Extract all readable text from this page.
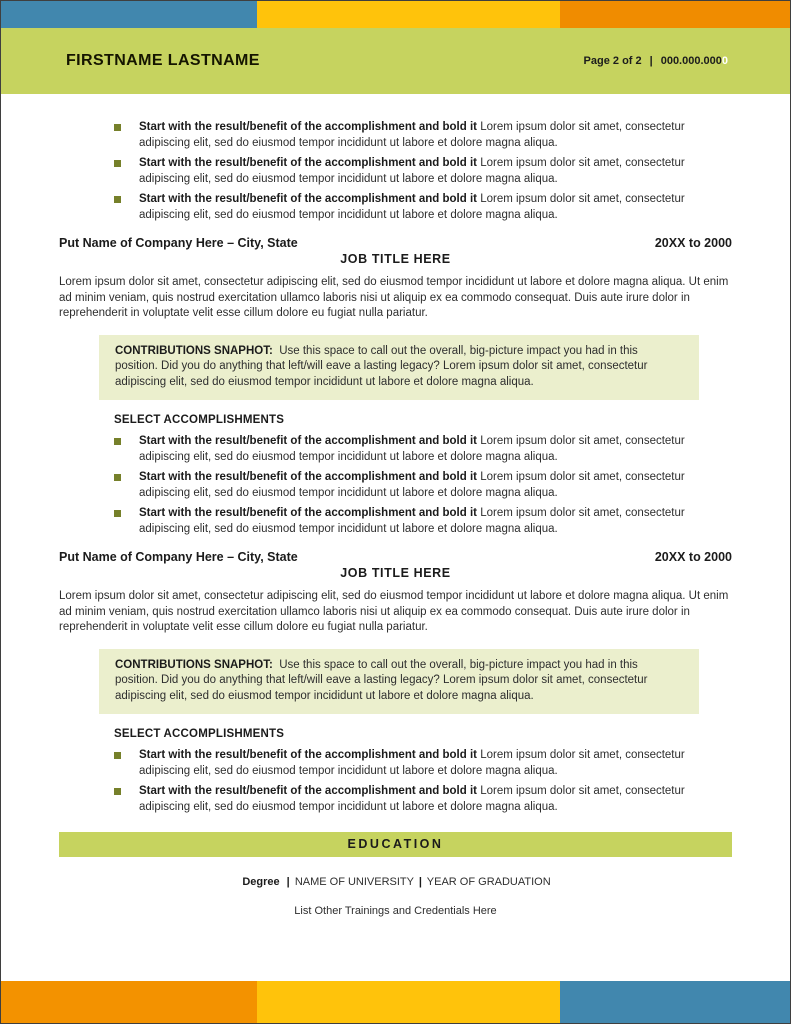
FIRSTNAME LASTNAME	Page 2 of 2 | 000.000.0000
Start with the result/benefit of the accomplishment and bold it Lorem ipsum dolor sit amet, consectetur adipiscing elit, sed do eiusmod tempor incididunt ut labore et dolore magna aliqua.
Start with the result/benefit of the accomplishment and bold it Lorem ipsum dolor sit amet, consectetur adipiscing elit, sed do eiusmod tempor incididunt ut labore et dolore magna aliqua.
Start with the result/benefit of the accomplishment and bold it Lorem ipsum dolor sit amet, consectetur adipiscing elit, sed do eiusmod tempor incididunt ut labore et dolore magna aliqua.
Put Name of Company Here – City, State	20XX to 2000
JOB TITLE HERE

Lorem ipsum dolor sit amet, consectetur adipiscing elit, sed do eiusmod tempor incididunt ut labore et dolore magna aliqua. Ut enim ad minim veniam, quis nostrud exercitation ullamco laboris nisi ut aliquip ex ea commodo consequat. Duis aute irure dolor in reprehenderit in voluptate velit esse cillum dolore eu fugiat nulla pariatur.

CONTRIBUTIONS SNAPHOT: Use this space to call out the overall, big-picture impact you had in this position. Did you do anything that left/will eave a lasting legacy? Lorem ipsum dolor sit amet, consectetur adipiscing elit, sed do eiusmod tempor incididunt ut labore et dolore magna aliqua.
SELECT ACCOMPLISHMENTS
Start with the result/benefit of the accomplishment and bold it Lorem ipsum dolor sit amet, consectetur adipiscing elit, sed do eiusmod tempor incididunt ut labore et dolore magna aliqua.
Start with the result/benefit of the accomplishment and bold it Lorem ipsum dolor sit amet, consectetur adipiscing elit, sed do eiusmod tempor incididunt ut labore et dolore magna aliqua.
Start with the result/benefit of the accomplishment and bold it Lorem ipsum dolor sit amet, consectetur adipiscing elit, sed do eiusmod tempor incididunt ut labore et dolore magna aliqua.
Put Name of Company Here – City, State	20XX to 2000
JOB TITLE HERE

Lorem ipsum dolor sit amet, consectetur adipiscing elit, sed do eiusmod tempor incididunt ut labore et dolore magna aliqua. Ut enim ad minim veniam, quis nostrud exercitation ullamco laboris nisi ut aliquip ex ea commodo consequat. Duis aute irure dolor in reprehenderit in voluptate velit esse cillum dolore eu fugiat nulla pariatur.

CONTRIBUTIONS SNAPHOT: Use this space to call out the overall, big-picture impact you had in this position. Did you do anything that left/will eave a lasting legacy? Lorem ipsum dolor sit amet, consectetur adipiscing elit, sed do eiusmod tempor incididunt ut labore et dolore magna aliqua.
SELECT ACCOMPLISHMENTS
Start with the result/benefit of the accomplishment and bold it Lorem ipsum dolor sit amet, consectetur adipiscing elit, sed do eiusmod tempor incididunt ut labore et dolore magna aliqua.
Start with the result/benefit of the accomplishment and bold it Lorem ipsum dolor sit amet, consectetur adipiscing elit, sed do eiusmod tempor incididunt ut labore et dolore magna aliqua.
EDUCATION

Degree | NAME OF UNIVERSITY | YEAR OF GRADUATION

List Other Trainings and Credentials Here
